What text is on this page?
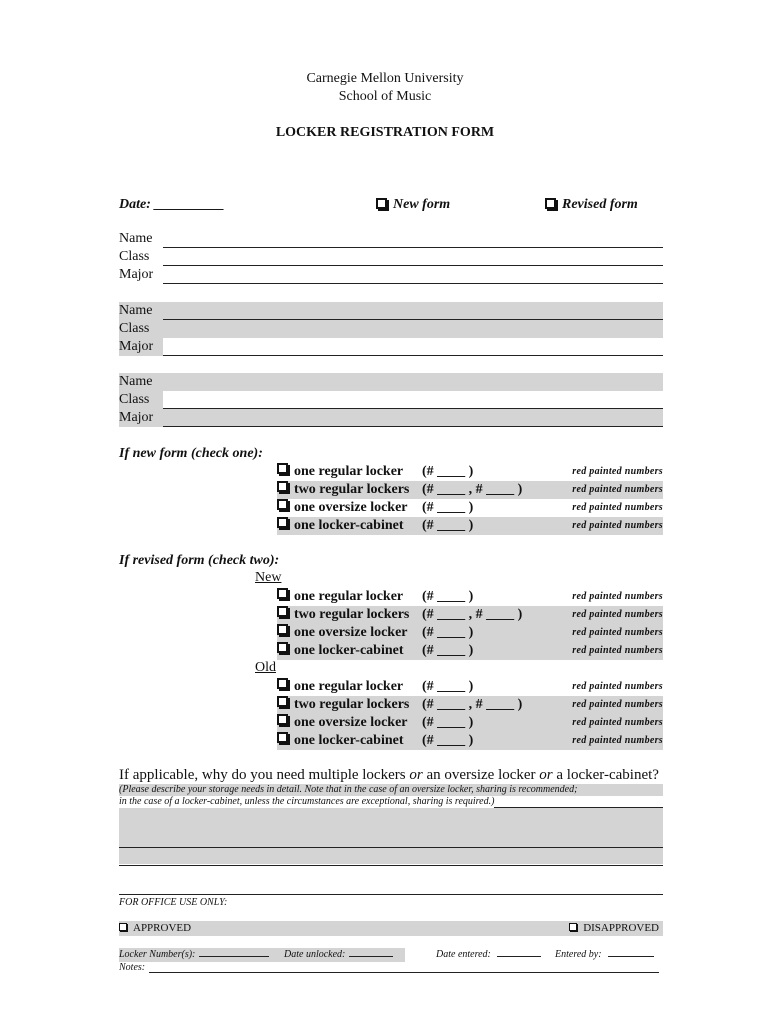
Carnegie Mellon University
School of Music
LOCKER REGISTRATION FORM
Date: __________	New form	Revised form
Name
Class
Major
Name
Class
Major
Name
Class
Major
If new form (check one):
one regular locker	(# ____ )	red painted numbers
two regular lockers (# ____ , # ____ )	red painted numbers
one oversize locker	(# ____ )	red painted numbers
one locker-cabinet	(# ____ )	red painted numbers
If revised form (check two):
New
one regular locker	(# ____ )	red painted numbers
two regular lockers (# ____ , # ____ )	red painted numbers
one oversize locker	(# ____ )	red painted numbers
one locker-cabinet	(# ____ )	red painted numbers
Old
one regular locker	(# ____ )	red painted numbers
two regular lockers (# ____ , # ____ )	red painted numbers
one oversize locker	(# ____ )	red painted numbers
one locker-cabinet	(# ____ )	red painted numbers
If applicable, why do you need multiple lockers or an oversize locker or a locker-cabinet?
(Please describe your storage needs in detail. Note that in the case of an oversize locker, sharing is recommended;
in the case of a locker-cabinet, unless the circumstances are exceptional, sharing is required.)
FOR OFFICE USE ONLY:
APPROVED	DISAPPROVED
Locker Number(s):	Date unlocked:	Date entered:	Entered by:
Notes:
